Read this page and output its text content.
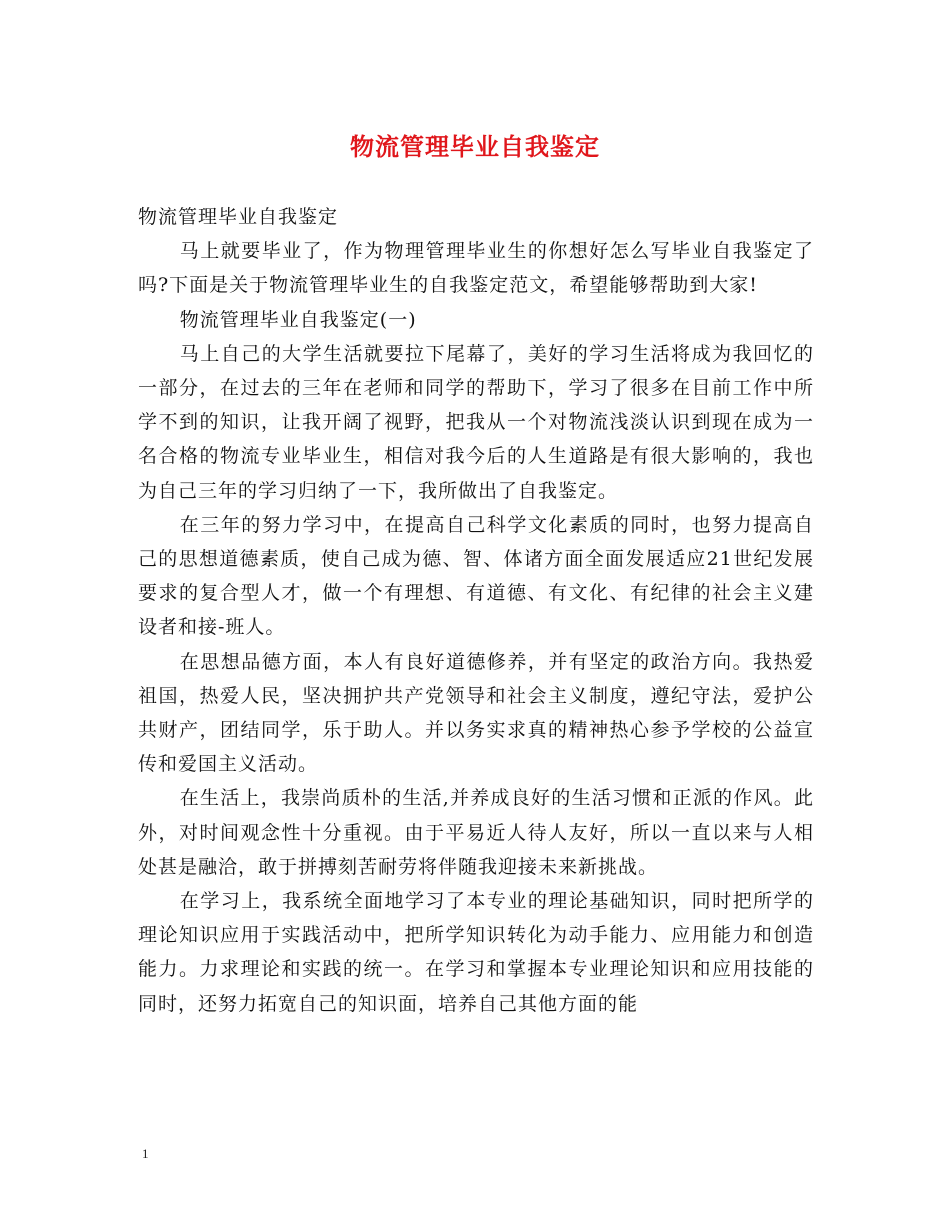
物流管理毕业自我鉴定

物流管理毕业自我鉴定

马上就要毕业了，作为物理管理毕业生的你想好怎么写毕业自我鉴定了吗?下面是关于物流管理毕业生的自我鉴定范文，希望能够帮助到大家!

物流管理毕业自我鉴定(一)

马上自己的大学生活就要拉下尾幕了，美好的学习生活将成为我回忆的一部分，在过去的三年在老师和同学的帮助下，学习了很多在目前工作中所学不到的知识，让我开阔了视野，把我从一个对物流浅淡认识到现在成为一名合格的物流专业毕业生，相信对我今后的人生道路是有很大影响的，我也为自己三年的学习归纳了一下，我所做出了自我鉴定。

在三年的努力学习中，在提高自己科学文化素质的同时，也努力提高自己的思想道德素质，使自己成为德、智、体诸方面全面发展适应21世纪发展要求的复合型人才，做一个有理想、有道德、有文化、有纪律的社会主义建设者和接-班人。

在思想品德方面，本人有良好道德修养，并有坚定的政治方向。我热爱祖国，热爱人民，坚决拥护共产党领导和社会主义制度，遵纪守法，爱护公共财产，团结同学，乐于助人。并以务实求真的精神热心参予学校的公益宣传和爱国主义活动。

在生活上，我崇尚质朴的生活,并养成良好的生活习惯和正派的作风。此外，对时间观念性十分重视。由于平易近人待人友好，所以一直以来与人相处甚是融洽，敢于拼搏刻苦耐劳将伴随我迎接未来新挑战。

在学习上，我系统全面地学习了本专业的理论基础知识，同时把所学的理论知识应用于实践活动中，把所学知识转化为动手能力、应用能力和创造能力。力求理论和实践的统一。在学习和掌握本专业理论知识和应用技能的同时，还努力拓宽自己的知识面，培养自己其他方面的能

1
